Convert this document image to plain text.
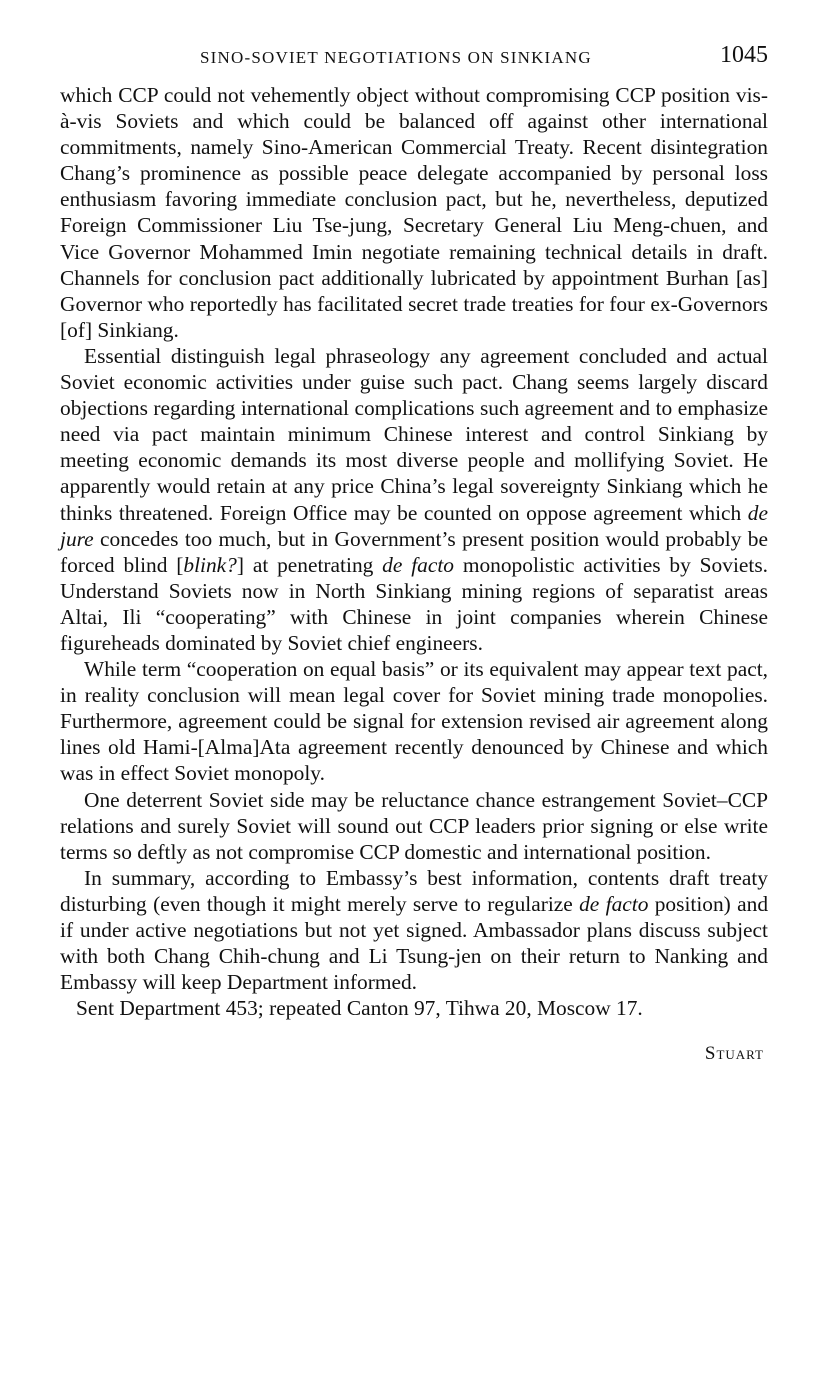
SINO-SOVIET NEGOTIATIONS ON SINKIANG	1045

which CCP could not vehemently object without compromising CCP position vis-à-vis Soviets and which could be balanced off against other international commitments, namely Sino-American Commercial Treaty. Recent disintegration Chang’s prominence as possible peace delegate accompanied by personal loss enthusiasm favoring immediate conclusion pact, but he, nevertheless, deputized Foreign Commissioner Liu Tse-jung, Secretary General Liu Meng-chuen, and Vice Governor Mohammed Imin negotiate remaining technical details in draft. Channels for conclusion pact additionally lubricated by appointment Burhan [as] Governor who reportedly has facilitated secret trade treaties for four ex-Governors [of] Sinkiang.

Essential distinguish legal phraseology any agreement concluded and actual Soviet economic activities under guise such pact. Chang seems largely discard objections regarding international complications such agreement and to emphasize need via pact maintain minimum Chinese interest and control Sinkiang by meeting economic demands its most diverse people and mollifying Soviet. He apparently would retain at any price China’s legal sovereignty Sinkiang which he thinks threatened. Foreign Office may be counted on oppose agreement which de jure concedes too much, but in Government’s present position would probably be forced blind [blink?] at penetrating de facto monopolistic activities by Soviets. Understand Soviets now in North Sinkiang mining regions of separatist areas Altai, Ili “cooperating” with Chinese in joint companies wherein Chinese figureheads dominated by Soviet chief engineers.

While term “cooperation on equal basis” or its equivalent may appear text pact, in reality conclusion will mean legal cover for Soviet mining trade monopolies. Furthermore, agreement could be signal for extension revised air agreement along lines old Hami-[Alma]Ata agreement recently denounced by Chinese and which was in effect Soviet monopoly.

One deterrent Soviet side may be reluctance chance estrangement Soviet–CCP relations and surely Soviet will sound out CCP leaders prior signing or else write terms so deftly as not compromise CCP domestic and international position.

In summary, according to Embassy’s best information, contents draft treaty disturbing (even though it might merely serve to regularize de facto position) and if under active negotiations but not yet signed. Ambassador plans discuss subject with both Chang Chih-chung and Li Tsung-jen on their return to Nanking and Embassy will keep Department informed.

Sent Department 453; repeated Canton 97, Tihwa 20, Moscow 17.

Stuart
